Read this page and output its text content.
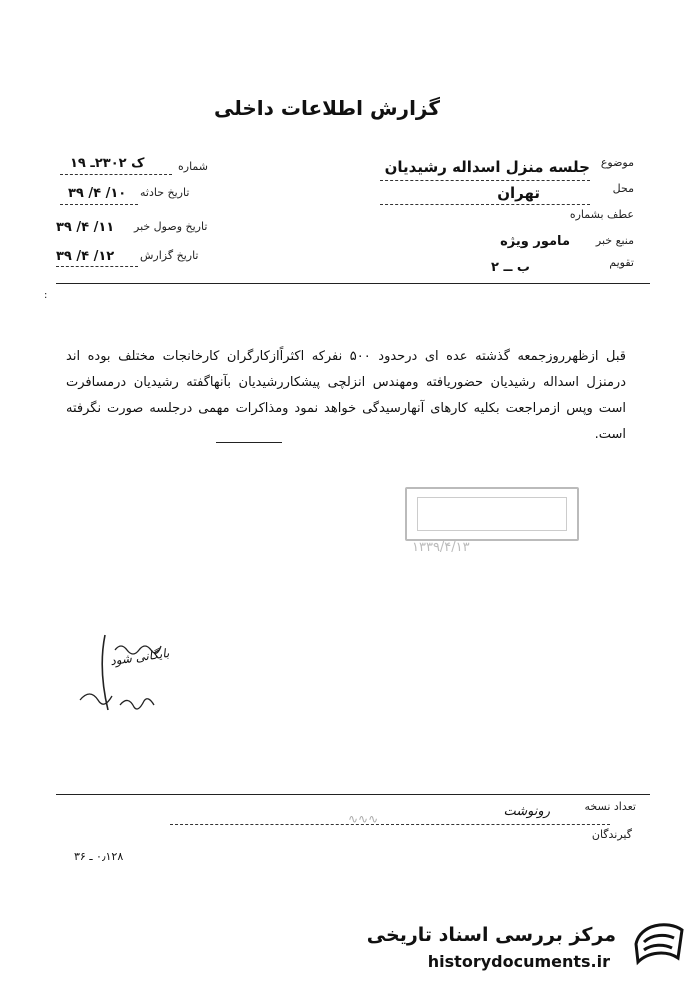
گزارش اطلاعات داخلی
شماره
ک ۲۳۰۲ـ ۱۹
تاریخ حادثه
۱۰/ ۴/ ۳۹
تاریخ وصول خبر
۱۱/ ۴/ ۳۹
تاریخ گزارش
۱۲/ ۴/ ۳۹
موضوع
جلسه منزل اسداله رشیدیان
محل
تهران
عطف بشماره
منبع خبر
مامور ویژه
تقویم
ب ــ ۲
:
قبل ازظهرروزجمعه گذشته عده ای درحدود ۵۰۰ نفرکه اکثراًازکارگران کارخانجات مختلف بوده اند درمنزل اسداله رشیدیان حضوریافته ومهندس انزلچی پیشکاررشیدیان بآنهاگفته رشیدیان درمسافرت است وپس ازمراجعت بکلیه کارهای آنهارسیدگی خواهد نمود ومذاکرات مهمی درجلسه صورت نگرفته است.
۱۳۳۹/۴/۱۳
بایگانی شود
تعداد نسخه
رونوشت
∿∿∿
گیرندگان
۰٫۱۲۸ ـ ۳۶
مرکز بررسی اسناد تاریخی
historydocuments.ir
